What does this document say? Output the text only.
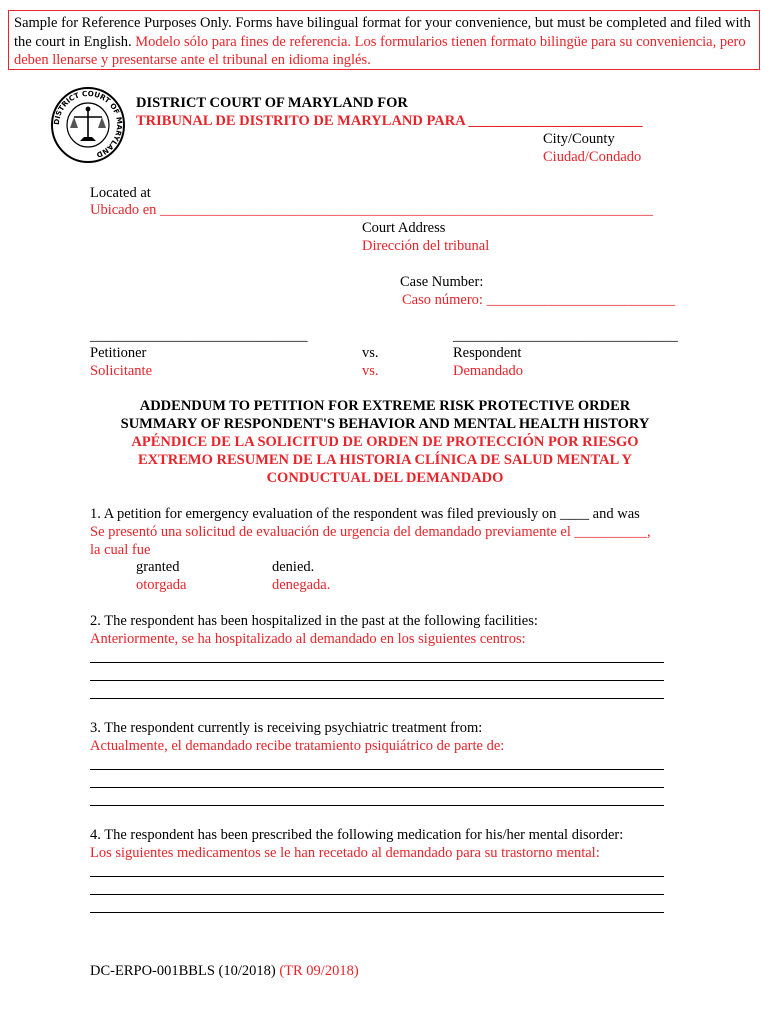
Sample for Reference Purposes Only. Forms have bilingual format for your convenience, but must be completed and filed with the court in English. Modelo sólo para fines de referencia. Los formularios tienen formato bilingüe para su conveniencia, pero deben llenarse y presentarse ante el tribunal en idioma inglés.
DISTRICT COURT OF MARYLAND
DISTRICT COURT OF MARYLAND FOR
TRIBUNAL DE DISTRITO DE MARYLAND PARA ________________________
City/County
Ciudad/Condado
Located at
Ubicado en ____________________________________________________________________
Court Address
Dirección del tribunal
Case Number:
Caso número: __________________________
______________________________	_______________________________
Petitioner
Solicitante
vs.
vs.
Respondent
Demandado
ADDENDUM TO PETITION FOR EXTREME RISK PROTECTIVE ORDER
SUMMARY OF RESPONDENT'S BEHAVIOR AND MENTAL HEALTH HISTORY
APÉNDICE DE LA SOLICITUD DE ORDEN DE PROTECCIÓN POR RIESGO
EXTREMO RESUMEN DE LA HISTORIA CLÍNICA DE SALUD MENTAL Y
CONDUCTUAL DEL DEMANDADO
1. A petition for emergency evaluation of the respondent was filed previously on ____ and was
Se presentó una solicitud de evaluación de urgencia del demandado previamente el __________,
la cual fue
granted
otorgada
denied.
denegada.
2. The respondent has been hospitalized in the past at the following facilities:
Anteriormente, se ha hospitalizado al demandado en los siguientes centros:
3. The respondent currently is receiving psychiatric treatment from:
Actualmente, el demandado recibe tratamiento psiquiátrico de parte de:
4. The respondent has been prescribed the following medication for his/her mental disorder:
Los siguientes medicamentos se le han recetado al demandado para su trastorno mental:
DC-ERPO-001BBLS (10/2018) (TR 09/2018)
